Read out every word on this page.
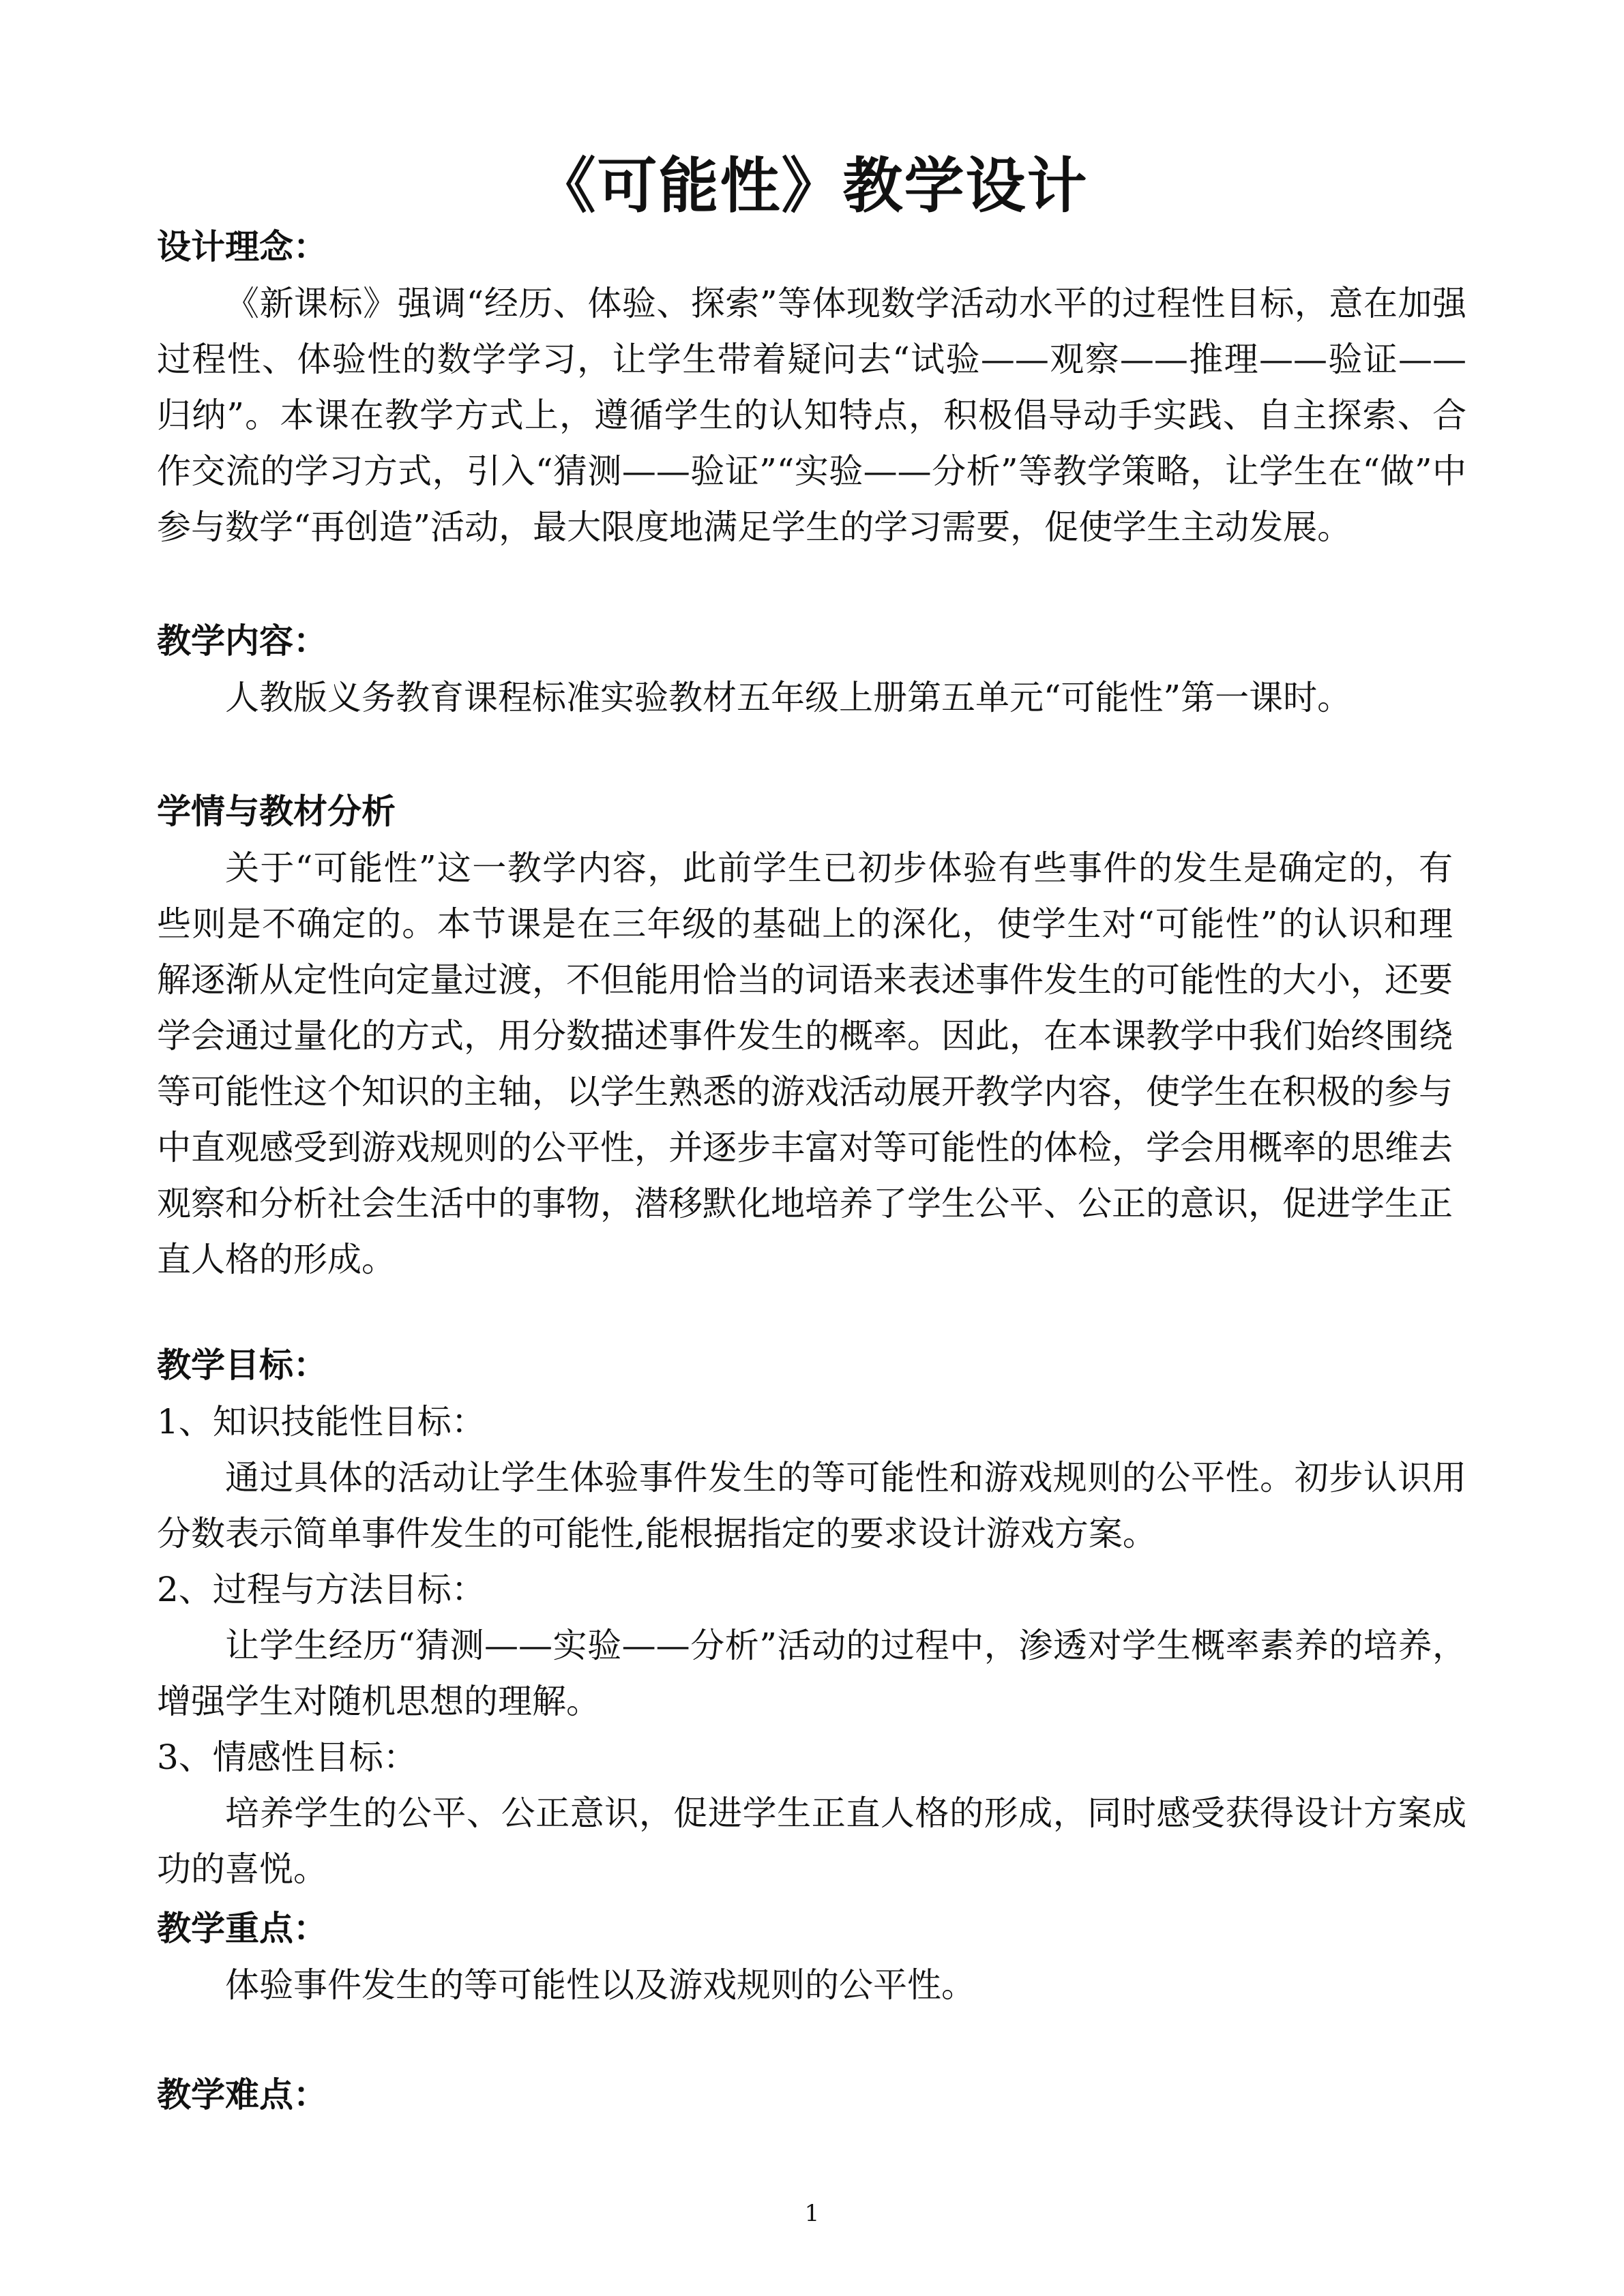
《可能性》教学设计
设计理念：
《新课标》强调“经历、体验、探索”等体现数学活动水平的过程性目标，意在加强过程性、体验性的数学学习，让学生带着疑问去“试验——观察——推理——验证——归纳”。本课在教学方式上，遵循学生的认知特点，积极倡导动手实践、自主探索、合作交流的学习方式，引入“猜测——验证”“实验——分析”等教学策略，让学生在“做”中参与数学“再创造”活动，最大限度地满足学生的学习需要，促使学生主动发展。
教学内容：
人教版义务教育课程标准实验教材五年级上册第五单元“可能性”第一课时。
学情与教材分析
关于“可能性”这一教学内容，此前学生已初步体验有些事件的发生是确定的，有些则是不确定的。本节课是在三年级的基础上的深化，使学生对“可能性”的认识和理解逐渐从定性向定量过渡，不但能用恰当的词语来表述事件发生的可能性的大小，还要学会通过量化的方式，用分数描述事件发生的概率。因此，在本课教学中我们始终围绕等可能性这个知识的主轴，以学生熟悉的游戏活动展开教学内容，使学生在积极的参与中直观感受到游戏规则的公平性，并逐步丰富对等可能性的体检，学会用概率的思维去观察和分析社会生活中的事物，潜移默化地培养了学生公平、公正的意识，促进学生正直人格的形成。
教学目标：
1、知识技能性目标：
通过具体的活动让学生体验事件发生的等可能性和游戏规则的公平性。初步认识用分数表示简单事件发生的可能性,能根据指定的要求设计游戏方案。
2、过程与方法目标：
让学生经历“猜测——实验——分析”活动的过程中，渗透对学生概率素养的培养，增强学生对随机思想的理解。
3、情感性目标：
培养学生的公平、公正意识，促进学生正直人格的形成，同时感受获得设计方案成功的喜悦。
教学重点：
体验事件发生的等可能性以及游戏规则的公平性。
教学难点：
1
